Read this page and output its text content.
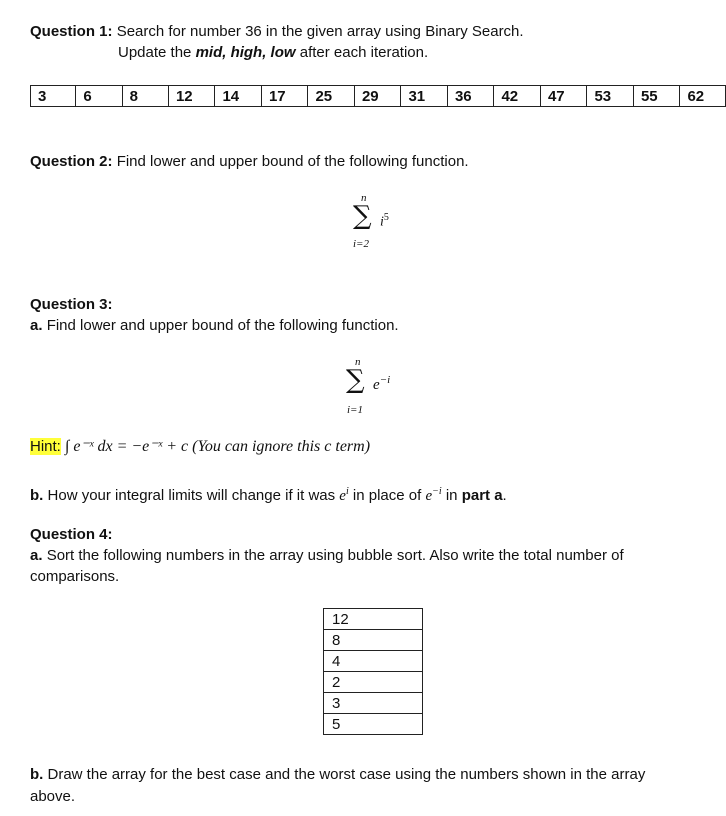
Question 1: Search for number 36 in the given array using Binary Search.
Update the mid, high, low after each iteration.
3	6	8	12	14	17	25	29	31	36	42	47	53	55	62
Question 2: Find lower and upper bound of the following function.
n
∑
i=2
$i^5$
Question 3:
a. Find lower and upper bound of the following function.
n
∑
i=1
$e^{-i}$
Hint: ∫ e⁻ˣ dx = −e⁻ˣ + c (You can ignore this c term)
b. How your integral limits will change if it was $e^i$ in place of $e^{-i}$ in part a.
Question 4:
a. Sort the following numbers in the array using bubble sort. Also write the total number of
comparisons.
12
8
4
2
3
5
b. Draw the array for the best case and the worst case using the numbers shown in the array
above.
